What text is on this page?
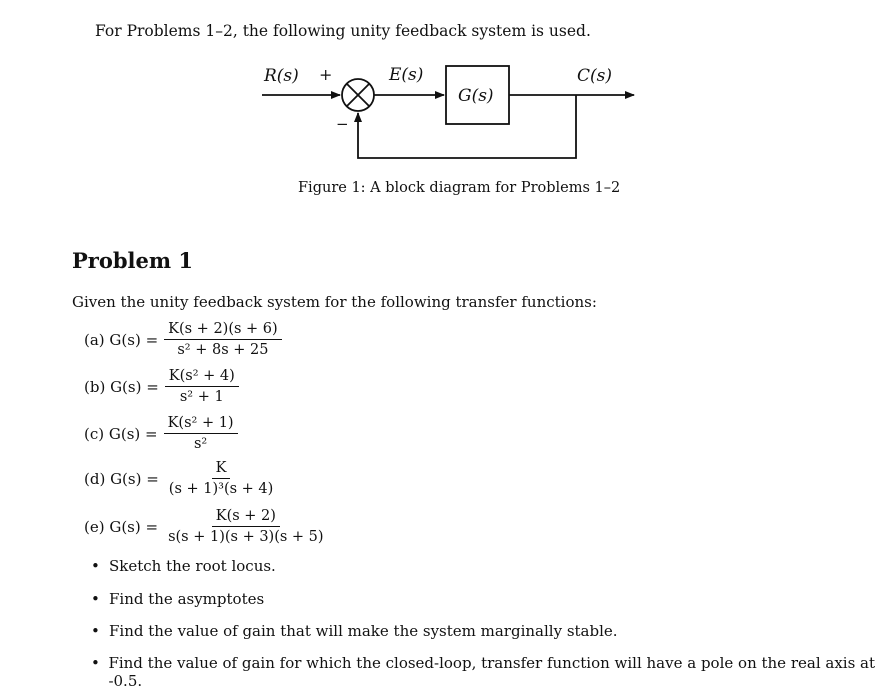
For Problems 1–2, the following unity feedback system is used.
R(s) +
−
E(s)
G(s)
C(s)
Figure 1: A block diagram for Problems 1–2
Problem 1
Given the unity feedback system for the following transfer functions:
(a) $G(s) = \frac{K(s + 2)(s + 6)}{\text{s² + 8s + 25}}$
(b) $G(s) = \frac{\text{K(s² + 4)}}{\text{s² + 1}}$
(c) $G(s) = \frac{\text{K(s² + 1)}}{\text{s²}}$
(d) $G(s) = \frac{K}{\text{(s + 1)³(s + 4)}}$
(e) $G(s) = \frac{K(s + 2)}{s(s + 1)(s + 3)(s + 5)}$
• Sketch the root locus.
• Find the asymptotes
• Find the value of gain that will make the system marginally stable.
• Find the value of gain for which the closed-loop, transfer function will have a pole on the real axis at -0.5.
